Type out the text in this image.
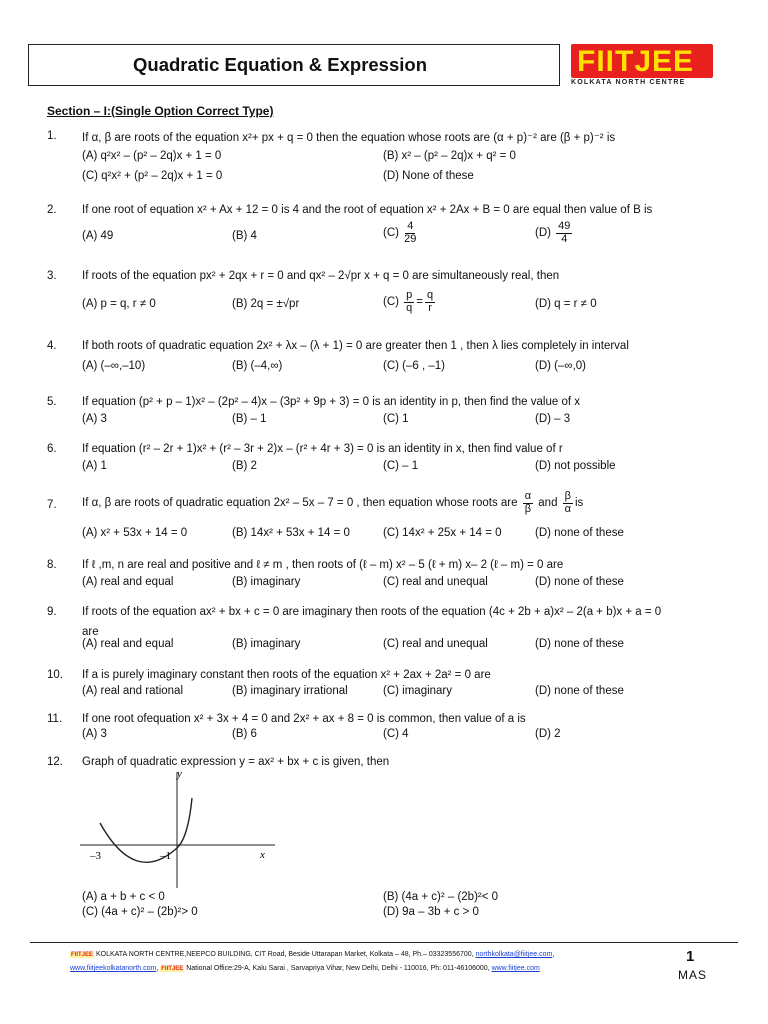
Quadratic Equation & Expression	FIITJEE
KOLKATA NORTH CENTRE
Section – I:(Single Option Correct Type)
1. If α, β are roots of the equation x²+ px + q = 0 then the equation whose roots are (α + p)⁻² are (β + p)⁻² is
(A) q²x² – (p² – 2q)x + 1 = 0	(B) x² – (p² – 2q)x + q² = 0
(C) q²x² + (p² – 2q)x + 1 = 0	(D) None of these
2. If one root of equation x² + Ax + 12 = 0 is 4 and the root of equation x² + 2Ax + B = 0 are equal then value of B is
(A) 49	(B) 4	$(C) \frac{4}{29}$	$(D) \frac{49}{4}$
3. If roots of the equation px² + 2qx + r = 0 and qx² – 2√pr x + q = 0 are simultaneously real, then
(A) p = q, r ≠ 0	(B) 2q = ±√pr	$(C) \frac{p}{q} = \frac{q}{r}$	(D) q = r ≠ 0
4. If both roots of quadratic equation 2x² + λx – (λ + 1) = 0 are greater then 1 , then λ lies completely in interval
(A) (–∞,–10)	(B) (–4,∞)	(C) (–6 , –1)	(D) (–∞,0)
5. If equation (p² + p – 1)x² – (2p² – 4)x – (3p² + 9p + 3) = 0 is an identity in p, then find the value of x
(A) 3	(B) – 1	(C) 1	(D) – 3
6. If equation (r² – 2r + 1)x² + (r² – 3r + 2)x – (r² + 4r + 3) = 0 is an identity in x, then find value of r
(A) 1	(B) 2	(C) – 1	(D) not possible
7. If α, β are roots of quadratic equation 2x² – 5x – 7 = 0 , then equation whose roots are $\frac{\alpha}{\beta}$ and $\frac{\beta}{\alpha}$ is
(A) x² + 53x + 14 = 0	(B) 14x² + 53x + 14 = 0	(C) 14x² + 25x + 14 = 0	(D) none of these
8. If ℓ ,m, n are real and positive and ℓ ≠ m , then roots of (ℓ – m) x² – 5 (ℓ + m) x– 2 (ℓ – m) = 0 are
(A) real and equal	(B) imaginary	(C) real and unequal	(D) none of these
9. If roots of the equation ax² + bx + c = 0 are imaginary then roots of the equation (4c + 2b + a)x² – 2(a + b)x + a = 0
are
(A) real and equal	(B) imaginary	(C) real and unequal	(D) none of these
10. If a is purely imaginary constant then roots of the equation x² + 2ax + 2a² = 0 are
(A) real and rational	(B) imaginary irrational	(C) imaginary	(D) none of these
11. If one root ofequation x² + 3x + 4 = 0 and 2x² + ax + 8 = 0 is common, then value of a is
(A) 3	(B) 6	(C) 4	(D) 2
12. Graph of quadratic expression y = ax² + bx + c is given, then
(A) a + b + c < 0	(B) (4a + c)² – (2b)²< 0
(C) (4a + c)² – (2b)²> 0	(D) 9a – 3b + c > 0
y
x
–3	–1
FIITJEE KOLKATA NORTH CENTRE,NEEPCO BUILDING, CIT Road, Beside Uttarapan Market, Kolkata – 48, Ph.– 03323556700, northkolkata@fiitjee.com,
www.fiitjeekolkatanorth.com, FIITJEE National Office:29-A, Kalu Sarai , Sarvapriya Vihar, New Delhi, Delhi - 110016, Ph: 011-46106000, www.fiitjee.com
1
MAS
